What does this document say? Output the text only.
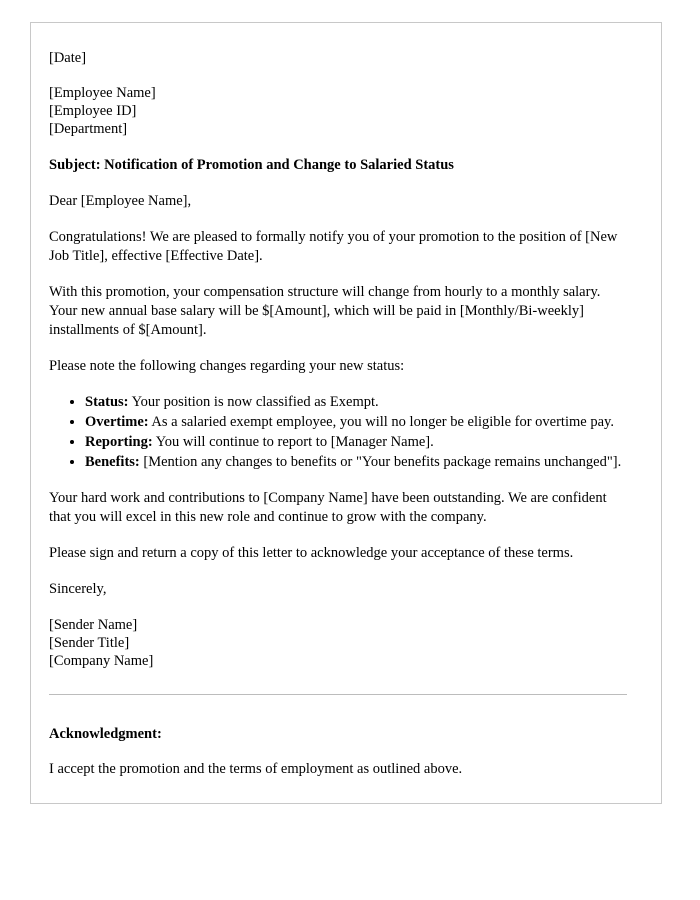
[Date]

[Employee Name]
[Employee ID]
[Department]

Subject: Notification of Promotion and Change to Salaried Status

Dear [Employee Name],

Congratulations! We are pleased to formally notify you of your promotion to the position of [New Job Title], effective [Effective Date].

With this promotion, your compensation structure will change from hourly to a monthly salary. Your new annual base salary will be $[Amount], which will be paid in [Monthly/Bi-weekly] installments of $[Amount].

Please note the following changes regarding your new status:

• Status: Your position is now classified as Exempt.
• Overtime: As a salaried exempt employee, you will no longer be eligible for overtime pay.
• Reporting: You will continue to report to [Manager Name].
• Benefits: [Mention any changes to benefits or "Your benefits package remains unchanged"].

Your hard work and contributions to [Company Name] have been outstanding. We are confident that you will excel in this new role and continue to grow with the company.

Please sign and return a copy of this letter to acknowledge your acceptance of these terms.

Sincerely,

[Sender Name]
[Sender Title]
[Company Name]

Acknowledgment:

I accept the promotion and the terms of employment as outlined above.
